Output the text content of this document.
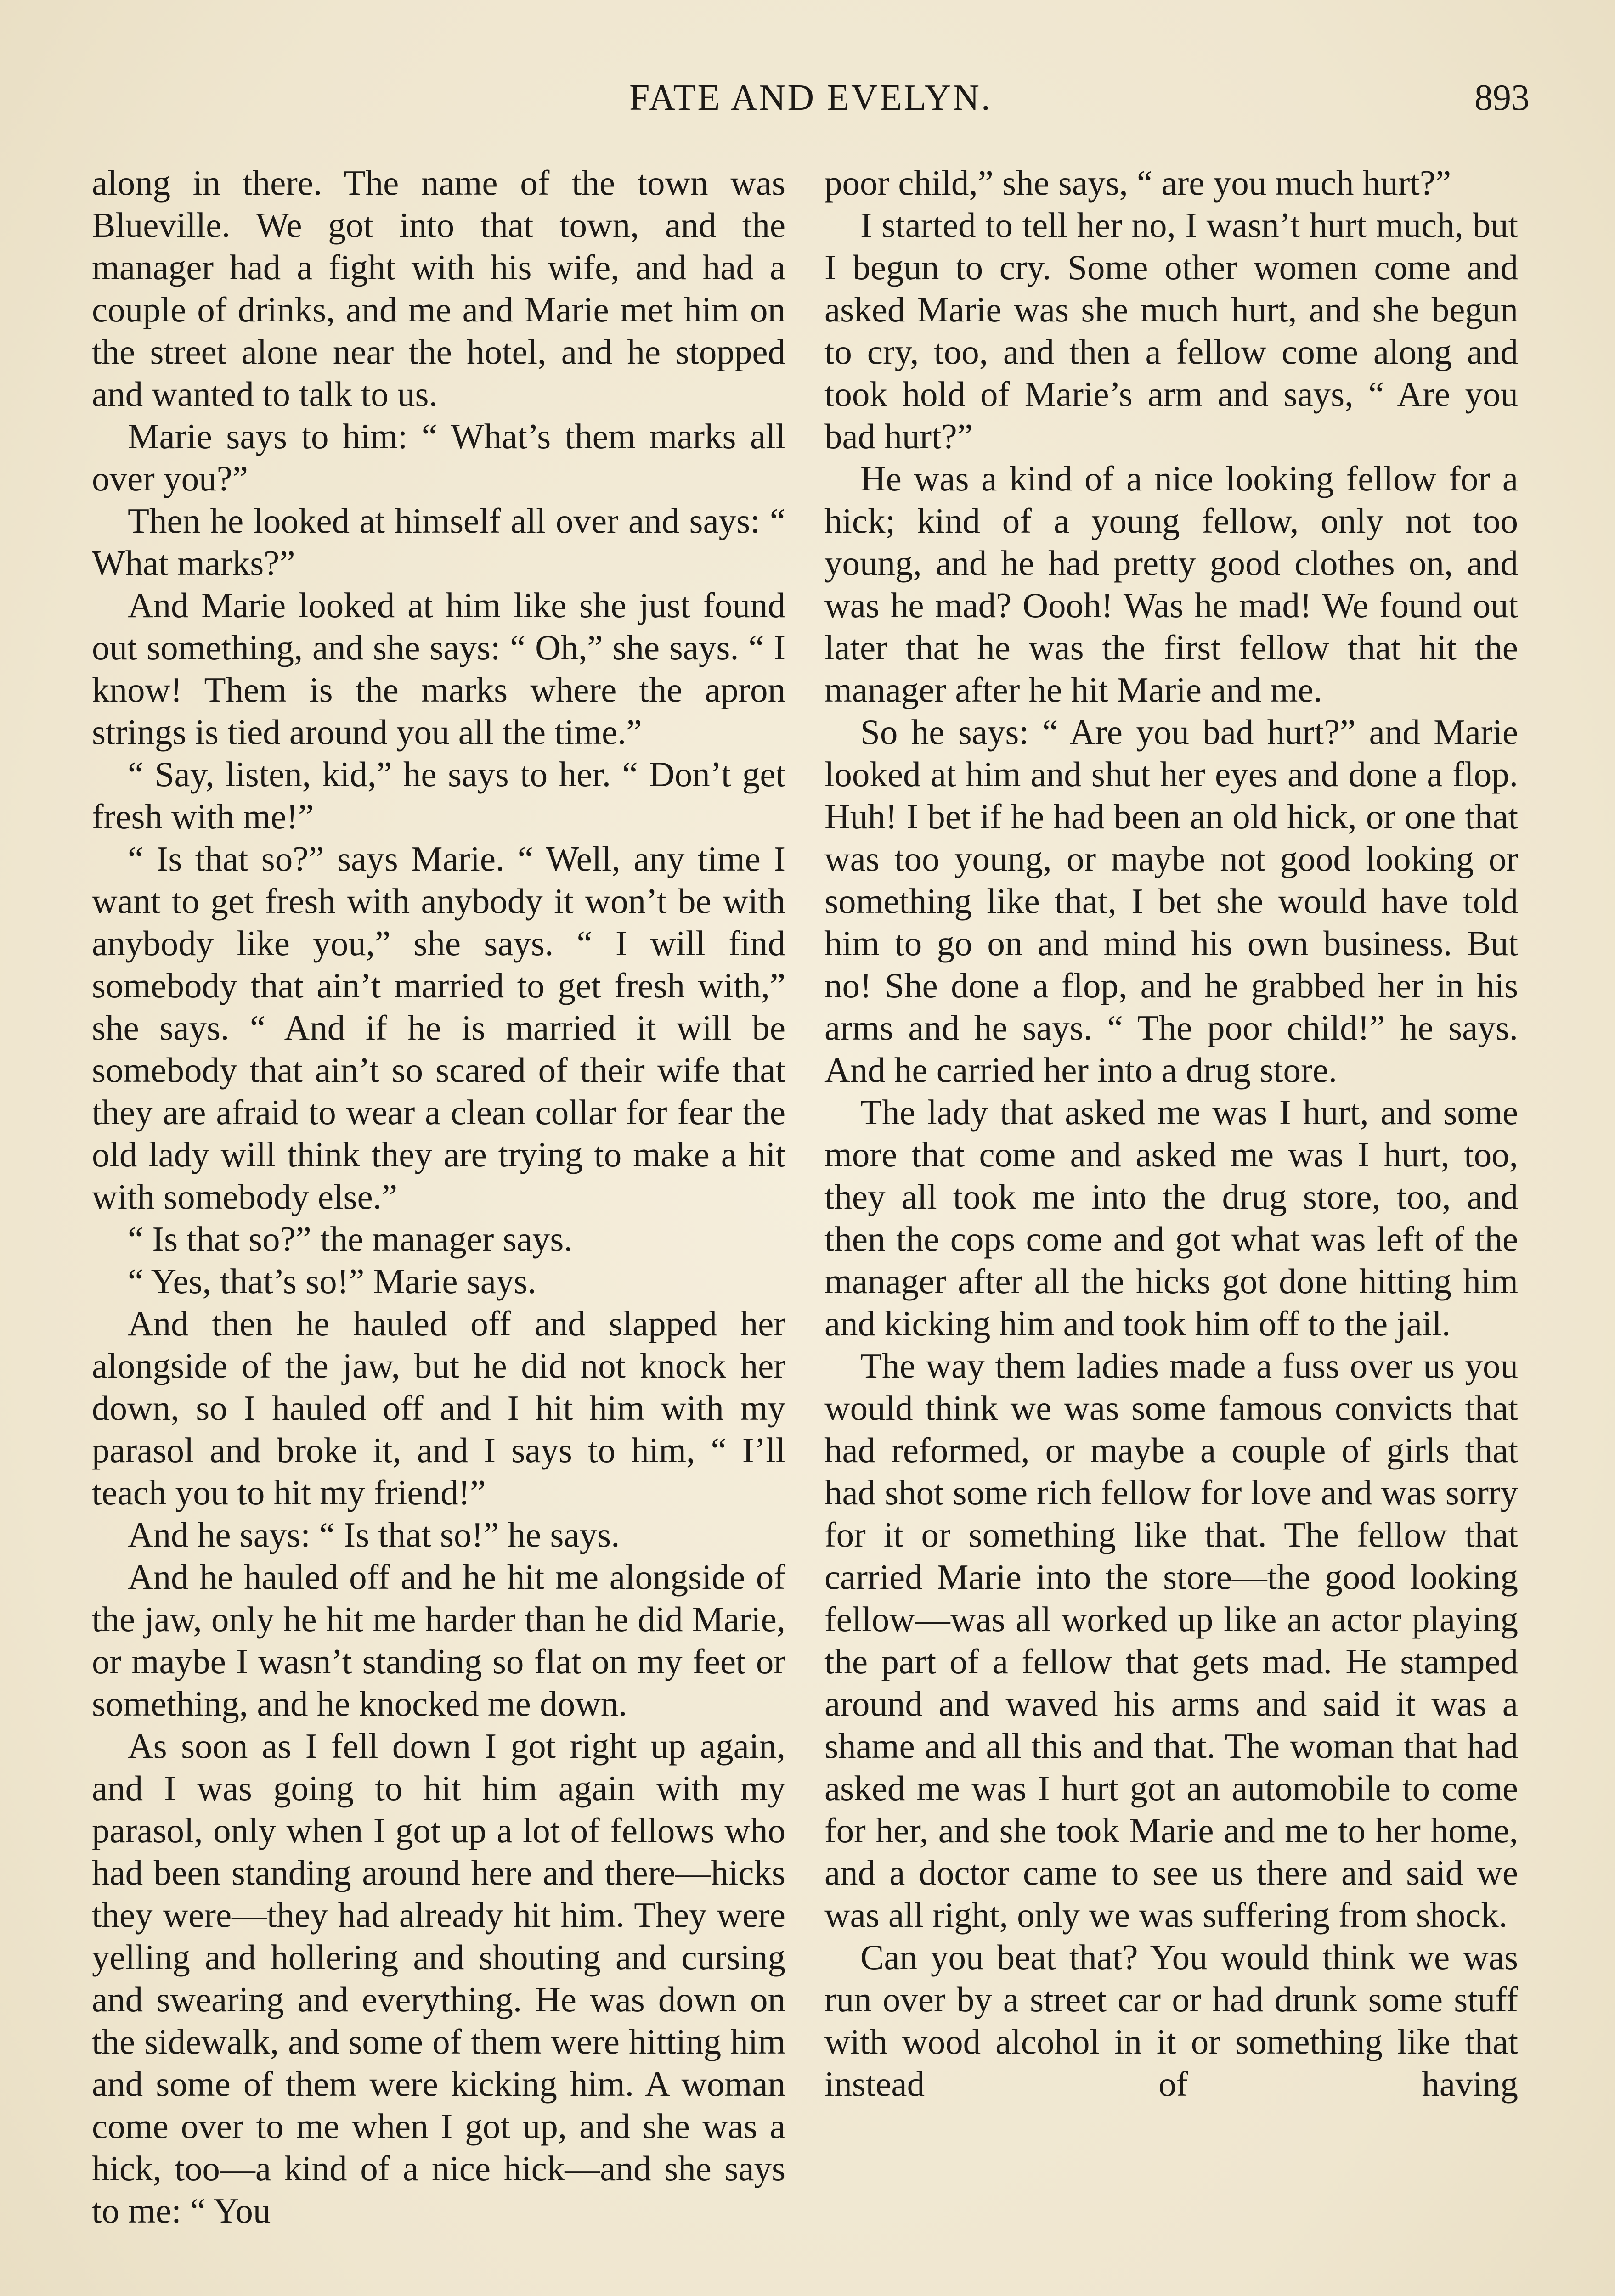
FATE AND EVELYN.	893

along in there. The name of the town was Blueville. We got into that town, and the manager had a fight with his wife, and had a couple of drinks, and me and Marie met him on the street alone near the hotel, and he stopped and wanted to talk to us.

Marie says to him: “ What’s them marks all over you?”

Then he looked at himself all over and says: “ What marks?”

And Marie looked at him like she just found out something, and she says: “ Oh,” she says. “ I know! Them is the marks where the apron strings is tied around you all the time.”

“ Say, listen, kid,” he says to her. “ Don’t get fresh with me!”

“ Is that so?” says Marie. “ Well, any time I want to get fresh with anybody it won’t be with anybody like you,” she says. “ I will find somebody that ain’t married to get fresh with,” she says. “ And if he is married it will be somebody that ain’t so scared of their wife that they are afraid to wear a clean collar for fear the old lady will think they are trying to make a hit with somebody else.”

“ Is that so?” the manager says.

“ Yes, that’s so!” Marie says.

And then he hauled off and slapped her alongside of the jaw, but he did not knock her down, so I hauled off and I hit him with my parasol and broke it, and I says to him, “ I’ll teach you to hit my friend!”

And he says: “ Is that so!” he says.

And he hauled off and he hit me alongside of the jaw, only he hit me harder than he did Marie, or maybe I wasn’t standing so flat on my feet or something, and he knocked me down.

As soon as I fell down I got right up again, and I was going to hit him again with my parasol, only when I got up a lot of fellows who had been standing around here and there—hicks they were—they had already hit him. They were yelling and hollering and shouting and cursing and swearing and everything. He was down on the sidewalk, and some of them were hitting him and some of them were kicking him. A woman come over to me when I got up, and she was a hick, too—a kind of a nice hick—and she says to me: “ You

poor child,” she says, “ are you much hurt?”

I started to tell her no, I wasn’t hurt much, but I begun to cry. Some other women come and asked Marie was she much hurt, and she begun to cry, too, and then a fellow come along and took hold of Marie’s arm and says, “ Are you bad hurt?”

He was a kind of a nice looking fellow for a hick; kind of a young fellow, only not too young, and he had pretty good clothes on, and was he mad? Oooh! Was he mad! We found out later that he was the first fellow that hit the manager after he hit Marie and me.

So he says: “ Are you bad hurt?” and Marie looked at him and shut her eyes and done a flop. Huh! I bet if he had been an old hick, or one that was too young, or maybe not good looking or something like that, I bet she would have told him to go on and mind his own business. But no! She done a flop, and he grabbed her in his arms and he says. “ The poor child!” he says. And he carried her into a drug store.

The lady that asked me was I hurt, and some more that come and asked me was I hurt, too, they all took me into the drug store, too, and then the cops come and got what was left of the manager after all the hicks got done hitting him and kicking him and took him off to the jail.

The way them ladies made a fuss over us you would think we was some famous convicts that had reformed, or maybe a couple of girls that had shot some rich fellow for love and was sorry for it or something like that. The fellow that carried Marie into the store—the good looking fellow—was all worked up like an actor playing the part of a fellow that gets mad. He stamped around and waved his arms and said it was a shame and all this and that. The woman that had asked me was I hurt got an automobile to come for her, and she took Marie and me to her home, and a doctor came to see us there and said we was all right, only we was suffering from shock.

Can you beat that? You would think we was run over by a street car or had drunk some stuff with wood alcohol in it or something like that instead of having
